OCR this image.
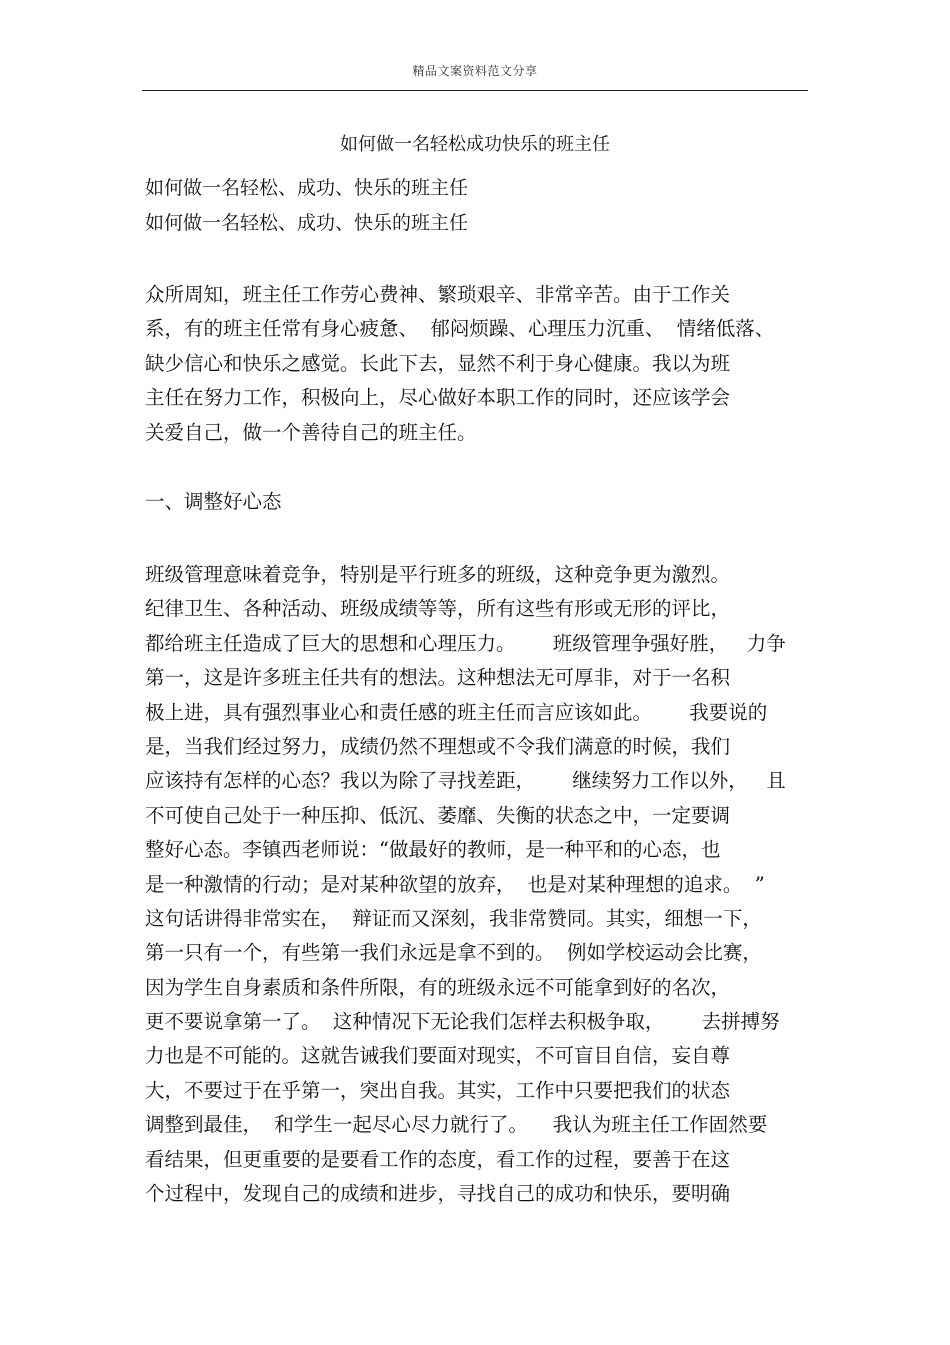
精品文案资料范文分享
如何做一名轻松成功快乐的班主任
如何做一名轻松、成功、快乐的班主任
如何做一名轻松、成功、快乐的班主任
众所周知，班主任工作劳心费神、繁琐艰辛、非常辛苦。由于工作关
系，有的班主任常有身心疲惫、  郁闷烦躁、心理压力沉重、  情绪低落、
缺少信心和快乐之感觉。长此下去，显然不利于身心健康。我以为班
主任在努力工作，积极向上，尽心做好本职工作的同时，还应该学会
关爱自己，做一个善待自己的班主任。
一、调整好心态
班级管理意味着竞争，特别是平行班多的班级，这种竞争更为激烈。
纪律卫生、各种活动、班级成绩等等，所有这些有形或无形的评比，
都给班主任造成了巨大的思想和心理压力。      班级管理争强好胜，   力争
第一，这是许多班主任共有的想法。这种想法无可厚非，对于一名积
极上进，具有强烈事业心和责任感的班主任而言应该如此。      我要说的
是，当我们经过努力，成绩仍然不理想或不令我们满意的时候，我们
应该持有怎样的心态？我以为除了寻找差距，      继续努力工作以外，   且
不可使自己处于一种压抑、低沉、萎靡、失衡的状态之中，一定要调
整好心态。李镇西老师说：“做最好的教师，是一种平和的心态，也
是一种激情的行动；是对某种欲望的放弃，  也是对某种理想的追求。  ”
这句话讲得非常实在，  辩证而又深刻，我非常赞同。其实，细想一下，
第一只有一个，有些第一我们永远是拿不到的。  例如学校运动会比赛，
因为学生自身素质和条件所限，有的班级永远不可能拿到好的名次，
更不要说拿第一了。  这种情况下无论我们怎样去积极争取，      去拼搏努
力也是不可能的。这就告诫我们要面对现实，不可盲目自信，妄自尊
大，不要过于在乎第一，突出自我。其实，工作中只要把我们的状态
调整到最佳，  和学生一起尽心尽力就行了。    我认为班主任工作固然要
看结果，但更重要的是要看工作的态度，看工作的过程，要善于在这
个过程中，发现自己的成绩和进步，寻找自己的成功和快乐，要明确
